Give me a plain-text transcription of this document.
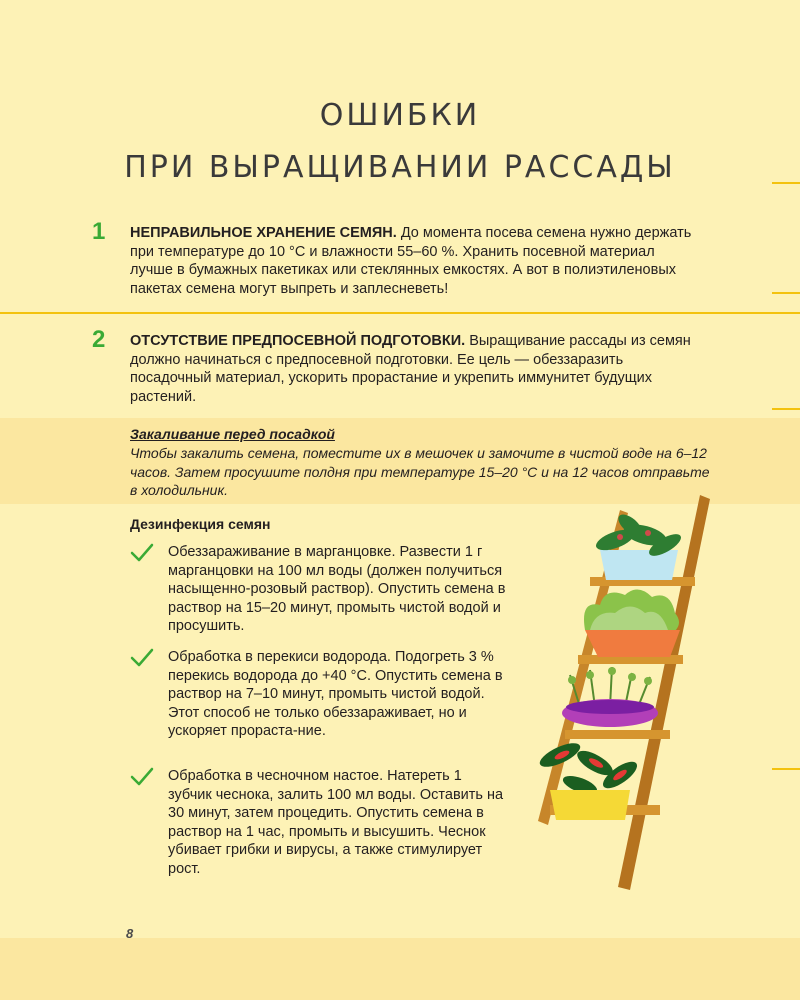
ОШИБКИ
ПРИ ВЫРАЩИВАНИИ РАССАДЫ
1 НЕПРАВИЛЬНОЕ ХРАНЕНИЕ СЕМЯН. До момента посева семена нужно держать при температуре до 10 °C и влажности 55–60 %. Хранить посевной материал лучше в бумажных пакетиках или стеклянных емкостях. А вот в полиэтиленовых пакетах семена могут выпреть и заплесневеть!
2 ОТСУТСТВИЕ ПРЕДПОСЕВНОЙ ПОДГОТОВКИ. Выращивание рассады из семян должно начинаться с предпосевной подготовки. Ее цель — обеззаразить посадочный материал, ускорить прорастание и укрепить иммунитет будущих растений.
Закаливание перед посадкой
Чтобы закалить семена, поместите их в мешочек и замочите в чистой воде на 6–12 часов. Затем просушите полдня при температуре 15–20 °С и на 12 часов отправьте в холодильник.
Дезинфекция семян
Обеззараживание в марганцовке. Развести 1 г марганцовки на 100 мл воды (должен получиться насыщенно-розовый раствор). Опустить семена в раствор на 15–20 минут, промыть чистой водой и просушить.
Обработка в перекиси водорода. Подогреть 3 % перекись водорода до +40 °С. Опустить семена в раствор на 7–10 минут, промыть чистой водой. Этот способ не только обеззараживает, но и ускоряет прораста-ние.
Обработка в чесночном настое. Натереть 1 зубчик чеснока, залить 100 мл воды. Оставить на 30 минут, затем процедить. Опустить семена в раствор на 1 час, промыть и высушить. Чеснок убивает грибки и вирусы, а также стимулирует рост.
8
